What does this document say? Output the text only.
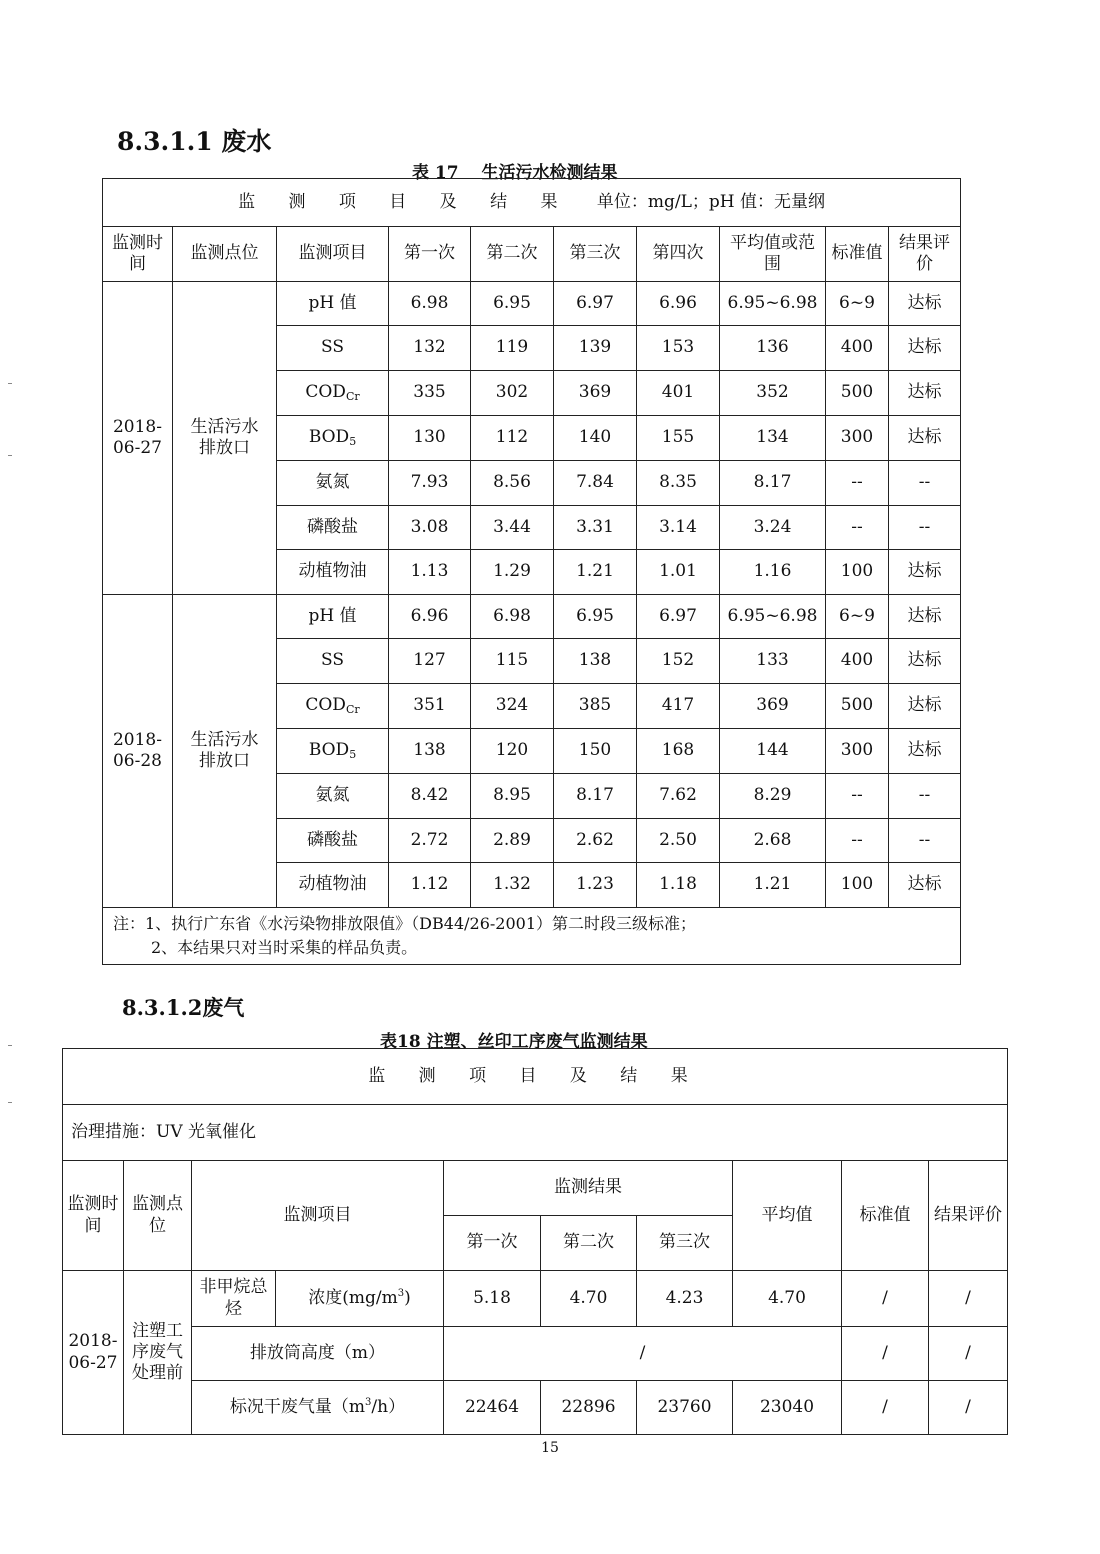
8.3.1.1 废水
表 17　 生活污水检测结果
监 测 项 目 及 结 果 单位：mg/L；pH 值：无量纲									
监测时间	监测点位	监测项目	第一次	第二次	第三次	第四次	平均值或范围	标准值	结果评价
2018-06-27	生活污水排放口	pH 值	6.98	6.95	6.97	6.96	6.95~6.98	6~9	达标
		SS	132	119	139	153	136	400	达标
		$COD_{Cr}$	335	302	369	401	352	500	达标
		$BOD_5$	130	112	140	155	134	300	达标
		氨氮	7.93	8.56	7.84	8.35	8.17	--	--
		磷酸盐	3.08	3.44	3.31	3.14	3.24	--	--
		动植物油	1.13	1.29	1.21	1.01	1.16	100	达标
2018-06-28	生活污水排放口	pH 值	6.96	6.98	6.95	6.97	6.95~6.98	6~9	达标
		SS	127	115	138	152	133	400	达标
		$COD_{Cr}$	351	324	385	417	369	500	达标
		$BOD_5$	138	120	150	168	144	300	达标
		氨氮	8.42	8.95	8.17	7.62	8.29	--	--
		磷酸盐	2.72	2.89	2.62	2.50	2.68	--	--
		动植物油	1.12	1.32	1.23	1.18	1.21	100	达标

注：1、执行广东省《水污染物排放限值》（DB44/26-2001）第二时段三级标准；
2、本结果只对当时采集的样品负责。									
8.3.1.2废气
表18 注塑、丝印工序废气监测结果
监 测 项 目 及 结 果									
治理措施：UV 光氧催化									
监测时间	监测点位	监测项目		监测结果			平均值	标准值	结果评价
				第一次	第二次	第三次			
2018-06-27	注塑工序废气处理前	非甲烷总烃	浓度$(mg/m^3)$	5.18	4.70	4.23	4.70	/	/
		排放筒高度（m）		/				/	/
		标况干废气量$(m^3/h)$		22464	22896	23760	23040	/	/
15
